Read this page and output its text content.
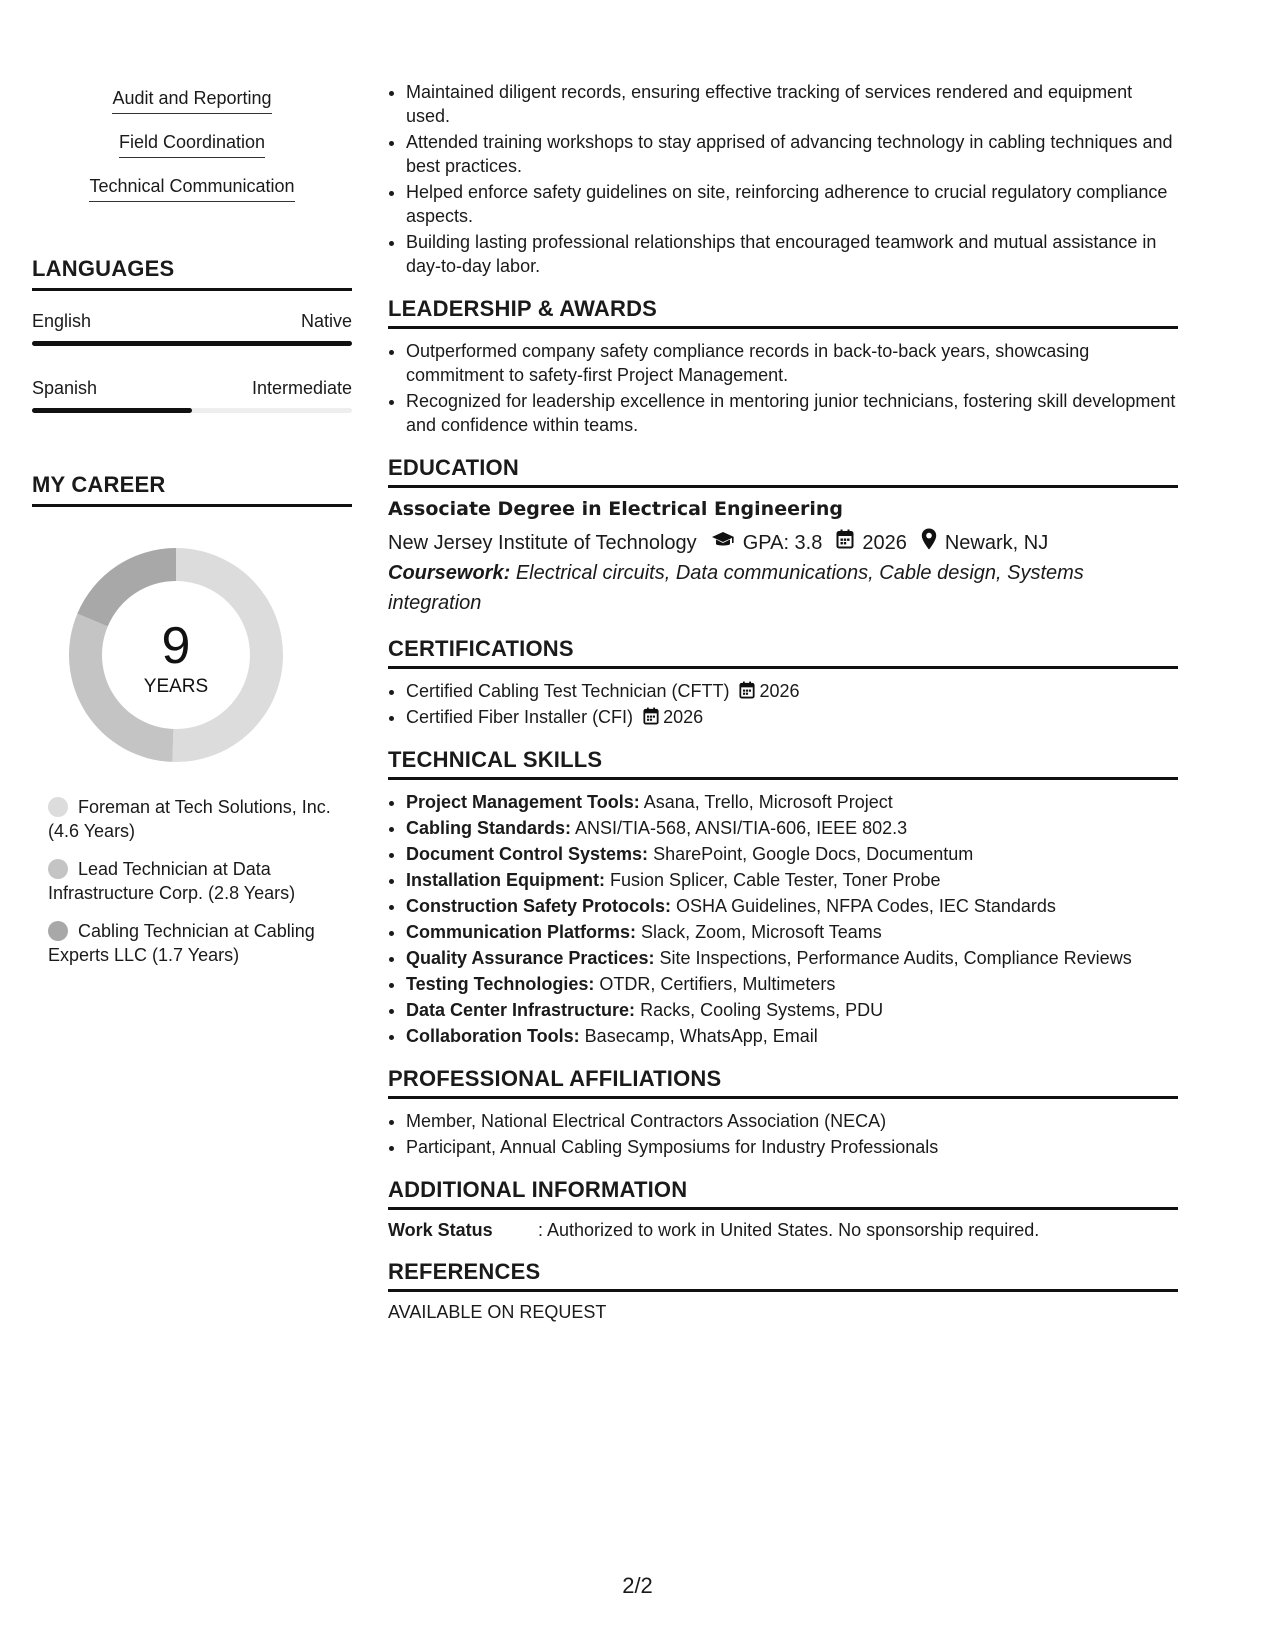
Audit and Reporting
Field Coordination
Technical Communication
LANGUAGES
English	Native
Spanish	Intermediate
MY CAREER
9
YEARS
Foreman at Tech Solutions, Inc. (4.6 Years)
Lead Technician at Data Infrastructure Corp. (2.8 Years)
Cabling Technician at Cabling Experts LLC (1.7 Years)
• Maintained diligent records, ensuring effective tracking of services rendered and equipment used.
• Attended training workshops to stay apprised of advancing technology in cabling techniques and best practices.
• Helped enforce safety guidelines on site, reinforcing adherence to crucial regulatory compliance aspects.
• Building lasting professional relationships that encouraged teamwork and mutual assistance in day-to-day labor.
LEADERSHIP & AWARDS
• Outperformed company safety compliance records in back-to-back years, showcasing commitment to safety-first Project Management.
• Recognized for leadership excellence in mentoring junior technicians, fostering skill development and confidence within teams.
EDUCATION
Associate Degree in Electrical Engineering
New Jersey Institute of Technology GPA: 3.8 2026 Newark, NJ
Coursework: Electrical circuits, Data communications, Cable design, Systems integration
CERTIFICATIONS
• Certified Cabling Test Technician (CFTT) 2026
• Certified Fiber Installer (CFI) 2026
TECHNICAL SKILLS
• Project Management Tools: Asana, Trello, Microsoft Project
• Cabling Standards: ANSI/TIA-568, ANSI/TIA-606, IEEE 802.3
• Document Control Systems: SharePoint, Google Docs, Documentum
• Installation Equipment: Fusion Splicer, Cable Tester, Toner Probe
• Construction Safety Protocols: OSHA Guidelines, NFPA Codes, IEC Standards
• Communication Platforms: Slack, Zoom, Microsoft Teams
• Quality Assurance Practices: Site Inspections, Performance Audits, Compliance Reviews
• Testing Technologies: OTDR, Certifiers, Multimeters
• Data Center Infrastructure: Racks, Cooling Systems, PDU
• Collaboration Tools: Basecamp, WhatsApp, Email
PROFESSIONAL AFFILIATIONS
• Member, National Electrical Contractors Association (NECA)
• Participant, Annual Cabling Symposiums for Industry Professionals
ADDITIONAL INFORMATION
Work Status	: Authorized to work in United States. No sponsorship required.
REFERENCES
AVAILABLE ON REQUEST
2/2
